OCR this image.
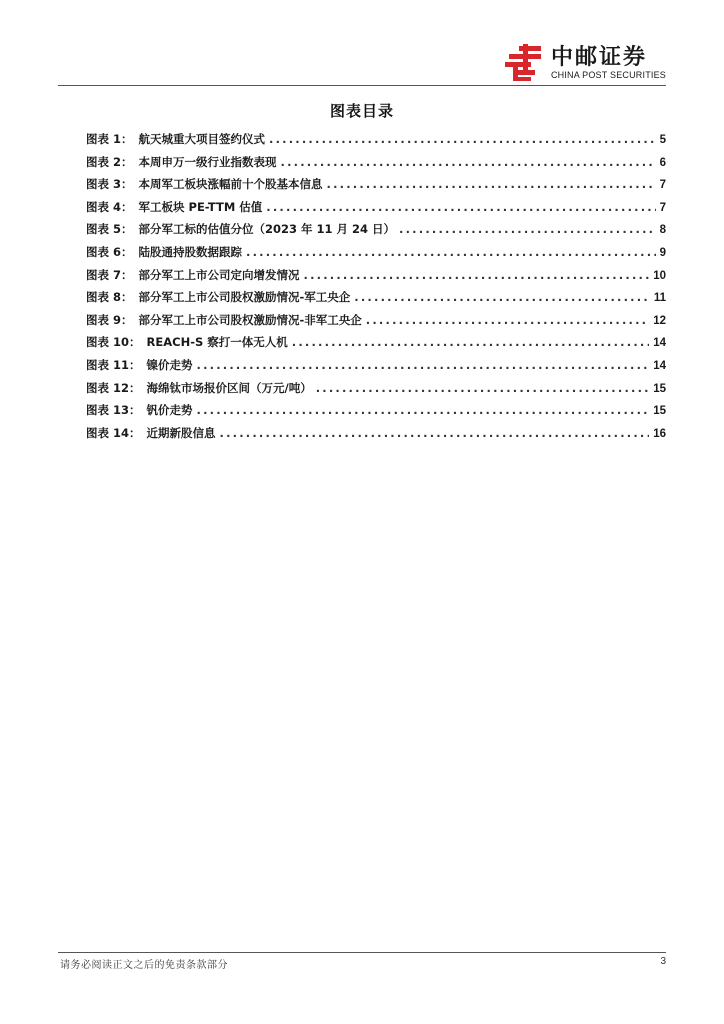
中邮证券
CHINA POST SECURITIES
图表目录
图表 1： 航天城重大项目签约仪式 .....	5
图表 2： 本周申万一级行业指数表现 .....	6
图表 3： 本周军工板块涨幅前十个股基本信息 .....	7
图表 4： 军工板块 PE-TTM 估值 .....	7
图表 5： 部分军工标的估值分位（2023 年 11 月 24 日） .....	8
图表 6： 陆股通持股数据跟踪 .....	9
图表 7： 部分军工上市公司定向增发情况 .....	10
图表 8： 部分军工上市公司股权激励情况-军工央企 .....	11
图表 9： 部分军工上市公司股权激励情况-非军工央企 .....	12
图表 10： REACH-S 察打一体无人机 .....	14
图表 11： 镍价走势 .....	14
图表 12： 海绵钛市场报价区间（万元/吨） .....	15
图表 13： 钒价走势 .....	15
图表 14： 近期新股信息 .....	16
请务必阅读正文之后的免责条款部分	3
